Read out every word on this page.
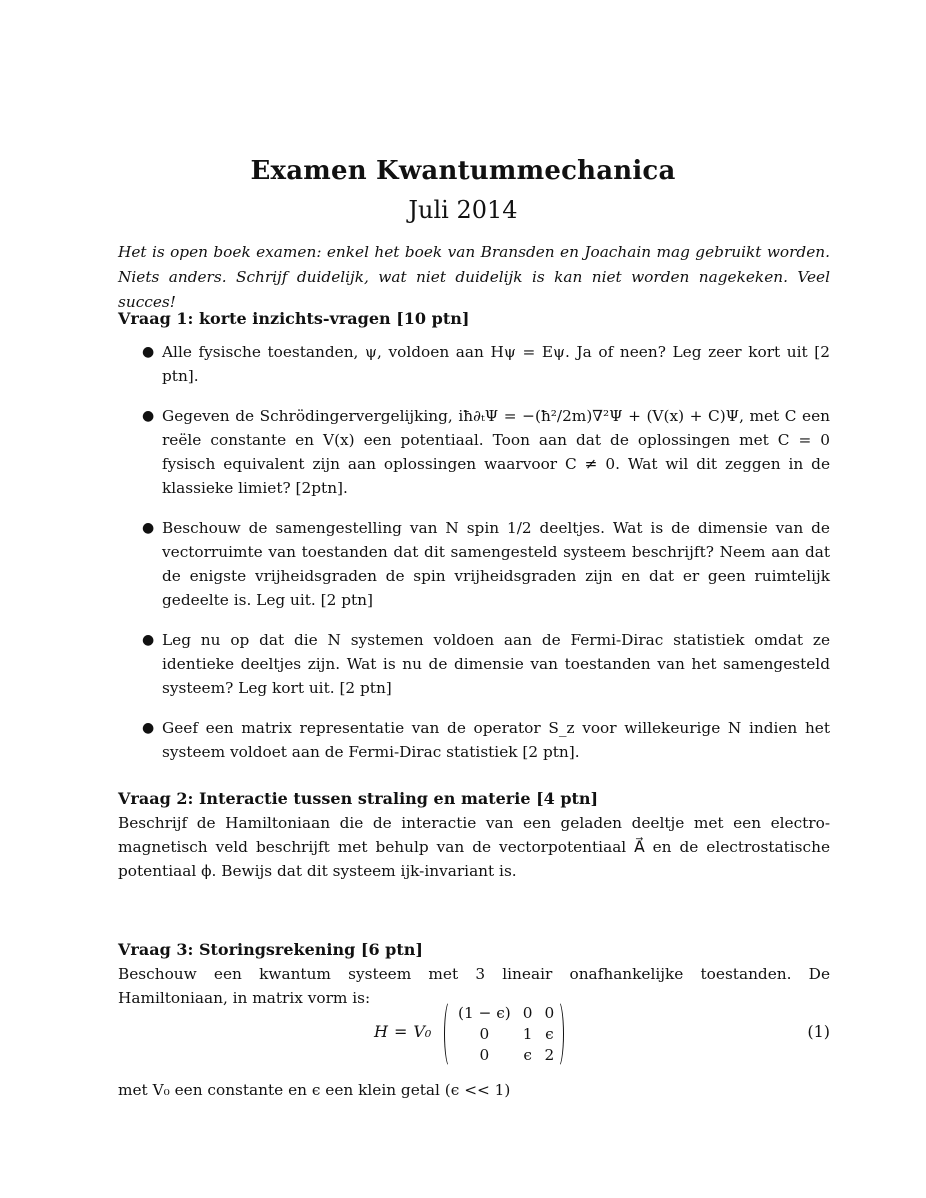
Examen Kwantummechanica
Juli 2014
Het is open boek examen: enkel het boek van Bransden en Joachain mag gebruikt worden. Niets anders. Schrijf duidelijk, wat niet duidelijk is kan niet worden nagekeken. Veel succes!
Vraag 1: korte inzichts-vragen [10 ptn]
● Alle fysische toestanden, ψ, voldoen aan Hψ = Eψ. Ja of neen? Leg zeer kort uit [2 ptn].
● Gegeven de Schrödingervergelijking, iħ∂ₜΨ = −(ħ²/2m)∇²Ψ + (V(x) + C)Ψ, met C een reële constante en V(x) een potentiaal. Toon aan dat de oplossingen met C = 0 fysisch equivalent zijn aan oplossingen waarvoor C ≠ 0. Wat wil dit zeggen in de klassieke limiet? [2ptn].
● Beschouw de samengestelling van N spin 1/2 deeltjes. Wat is de dimensie van de vectorruimte van toestanden dat dit samengesteld systeem beschrijft? Neem aan dat de enigste vrijheidsgraden de spin vrijheidsgraden zijn en dat er geen ruimtelijk gedeelte is. Leg uit. [2 ptn]
● Leg nu op dat die N systemen voldoen aan de Fermi-Dirac statistiek omdat ze identieke deeltjes zijn. Wat is nu de dimensie van toestanden van het samengesteld systeem? Leg kort uit. [2 ptn]
● Geef een matrix representatie van de operator S_z voor willekeurige N indien het systeem voldoet aan de Fermi-Dirac statistiek [2 ptn].
Vraag 2: Interactie tussen straling en materie [4 ptn]
Beschrijf de Hamiltoniaan die de interactie van een geladen deeltje met een electro-magnetisch veld beschrijft met behulp van de vectorpotentiaal A⃗ en de electrostatische potentiaal ϕ. Bewijs dat dit systeem ijk-invariant is.
Vraag 3: Storingsrekening [6 ptn]
Beschouw een kwantum systeem met 3 lineair onafhankelijke toestanden. De Hamiltoniaan, in matrix vorm is:
H = V₀
(1 − ϵ)	0	0
0	1	ϵ
0	ϵ	2
(1)
met V₀ een constante en ϵ een klein getal (ϵ << 1)
